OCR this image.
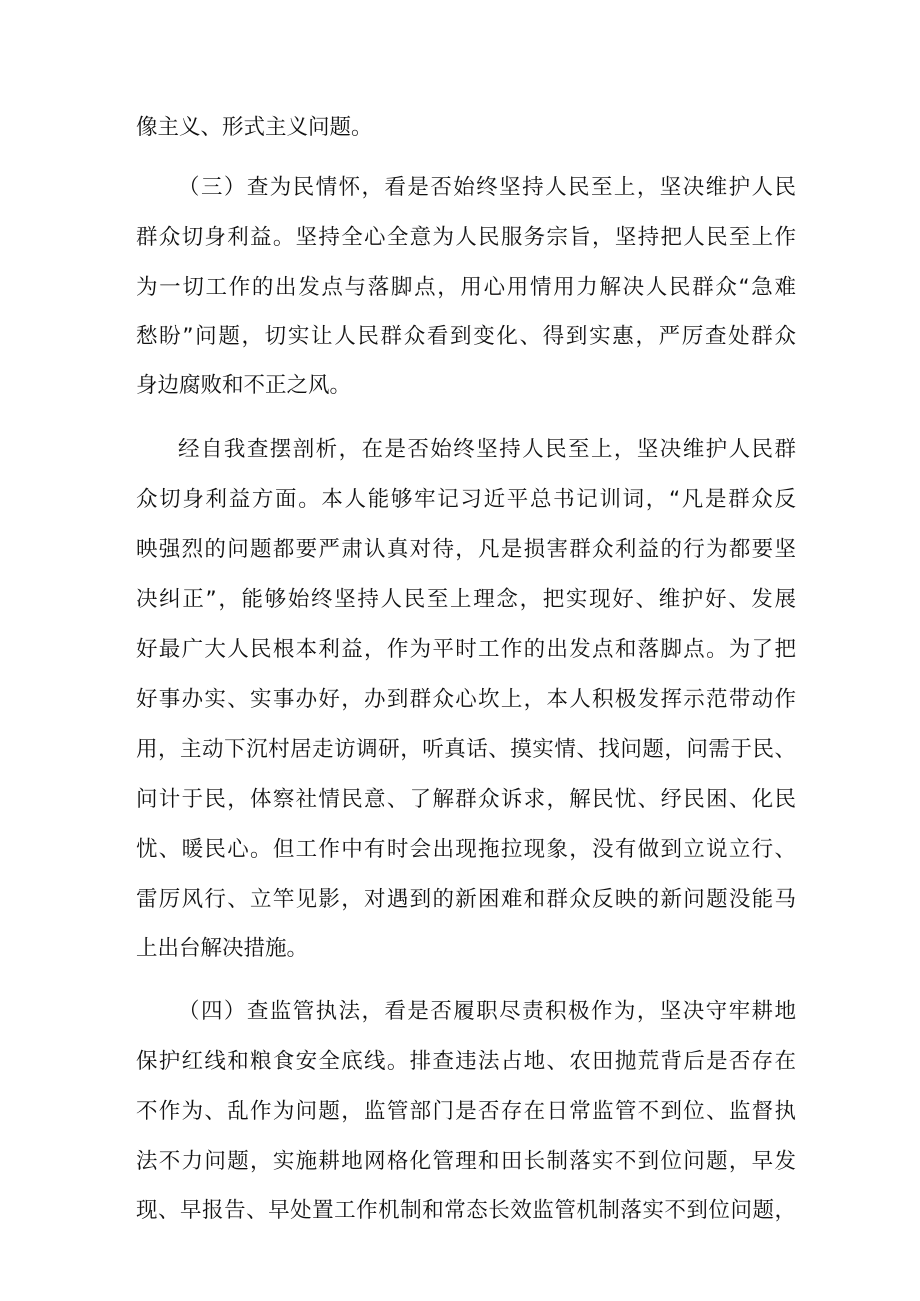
像主义、形式主义问题。
（三）查为民情怀，看是否始终坚持人民至上，坚决维护人民
群众切身利益。坚持全心全意为人民服务宗旨，坚持把人民至上作
为一切工作的出发点与落脚点，用心用情用力解决人民群众“急难
愁盼”问题，切实让人民群众看到变化、得到实惠，严厉查处群众
身边腐败和不正之风。
经自我查摆剖析，在是否始终坚持人民至上，坚决维护人民群
众切身利益方面。本人能够牢记习近平总书记训词，“凡是群众反
映强烈的问题都要严肃认真对待，凡是损害群众利益的行为都要坚
决纠正”，能够始终坚持人民至上理念，把实现好、维护好、发展
好最广大人民根本利益，作为平时工作的出发点和落脚点。为了把
好事办实、实事办好，办到群众心坎上，本人积极发挥示范带动作
用，主动下沉村居走访调研，听真话、摸实情、找问题，问需于民、
问计于民，体察社情民意、了解群众诉求，解民忧、纾民困、化民
忧、暖民心。但工作中有时会出现拖拉现象，没有做到立说立行、
雷厉风行、立竿见影，对遇到的新困难和群众反映的新问题没能马
上出台解决措施。
（四）查监管执法，看是否履职尽责积极作为，坚决守牢耕地
保护红线和粮食安全底线。排查违法占地、农田抛荒背后是否存在
不作为、乱作为问题，监管部门是否存在日常监管不到位、监督执
法不力问题，实施耕地网格化管理和田长制落实不到位问题，早发
现、早报告、早处置工作机制和常态长效监管机制落实不到位问题，
